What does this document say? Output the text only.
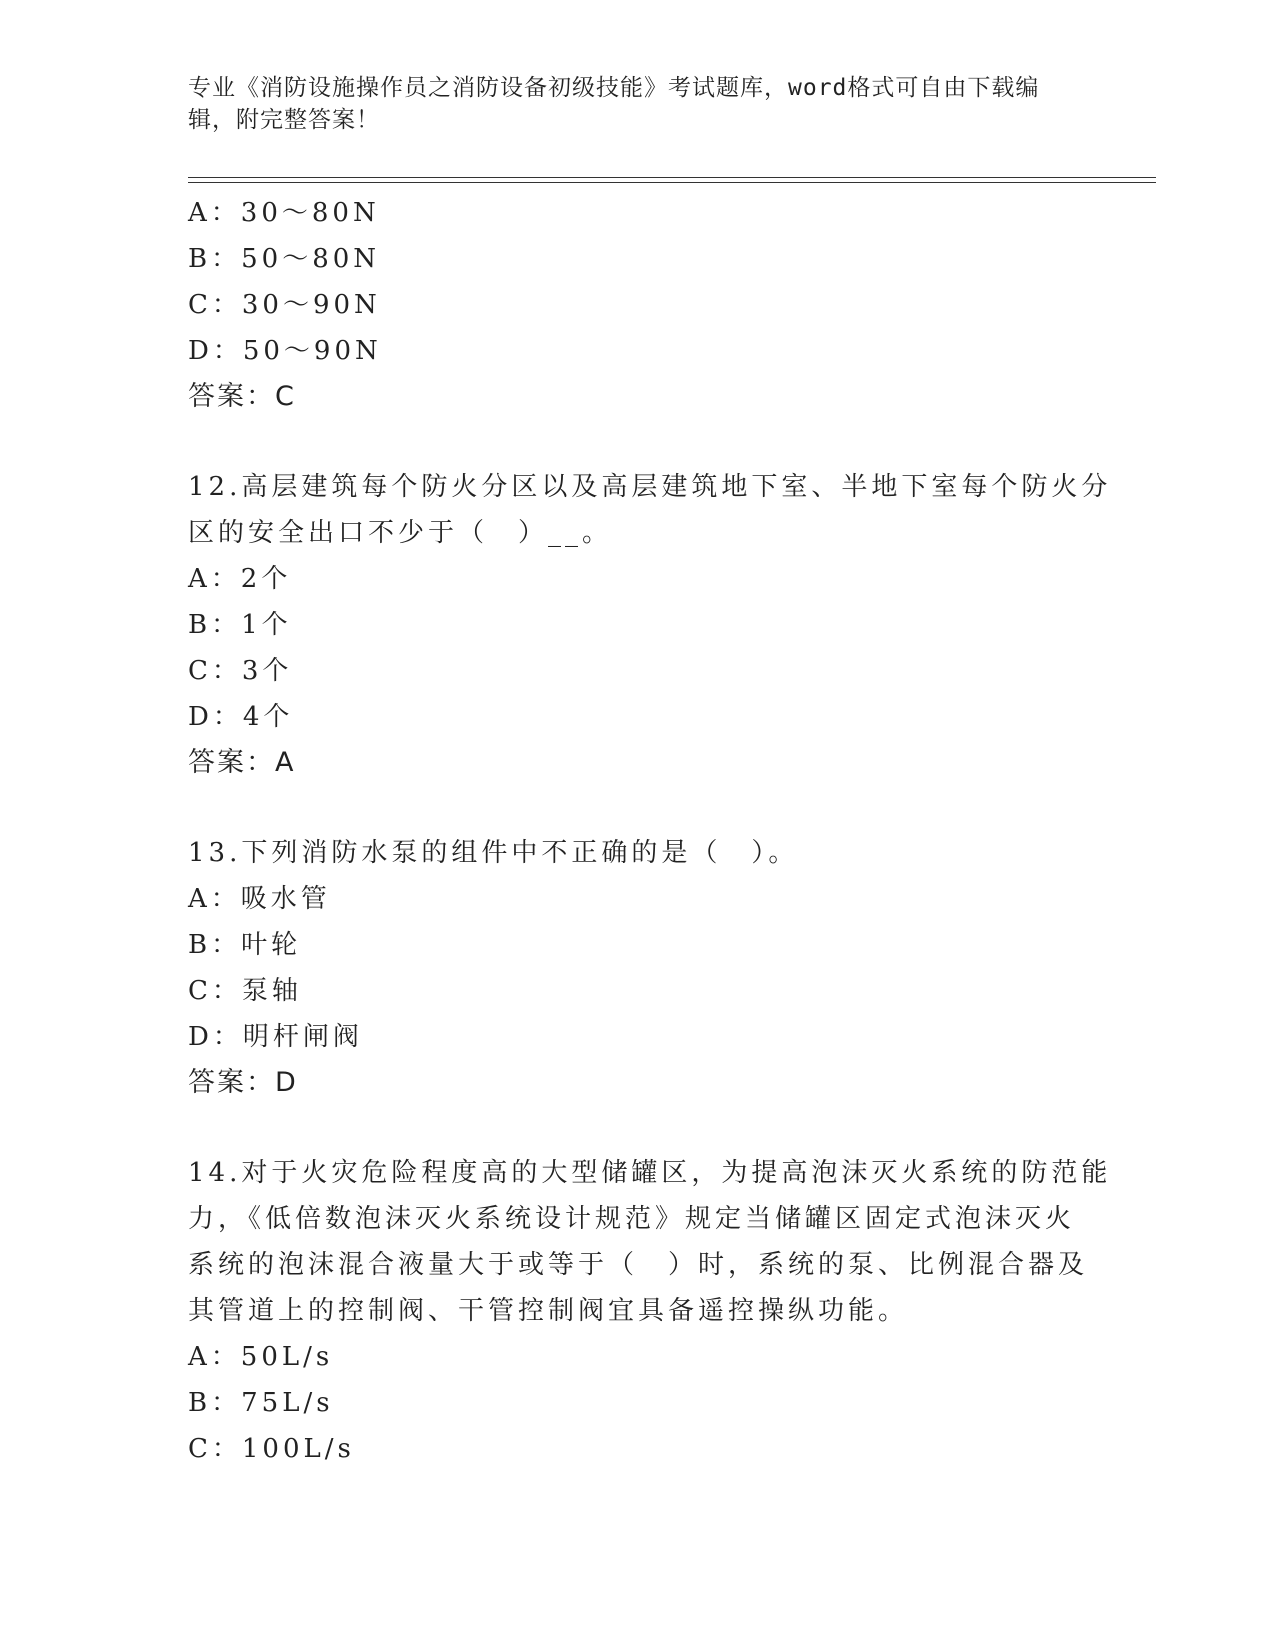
专业《消防设施操作员之消防设备初级技能》考试题库，word格式可自由下载编
辑，附完整答案！
A：30～80N
B：50～80N
C：30～90N
D：50～90N
答案：C
12.高层建筑每个防火分区以及高层建筑地下室、半地下室每个防火分
区的安全出口不少于（　）__。
A：2个
B：1个
C：3个
D：4个
答案：A
13.下列消防水泵的组件中不正确的是（　）。
A：吸水管
B：叶轮
C：泵轴
D：明杆闸阀
答案：D
14.对于火灾危险程度高的大型储罐区，为提高泡沫灭火系统的防范能
力，《低倍数泡沫灭火系统设计规范》规定当储罐区固定式泡沫灭火
系统的泡沫混合液量大于或等于（　）时，系统的泵、比例混合器及
其管道上的控制阀、干管控制阀宜具备遥控操纵功能。
A：50L/s
B：75L/s
C：100L/s
